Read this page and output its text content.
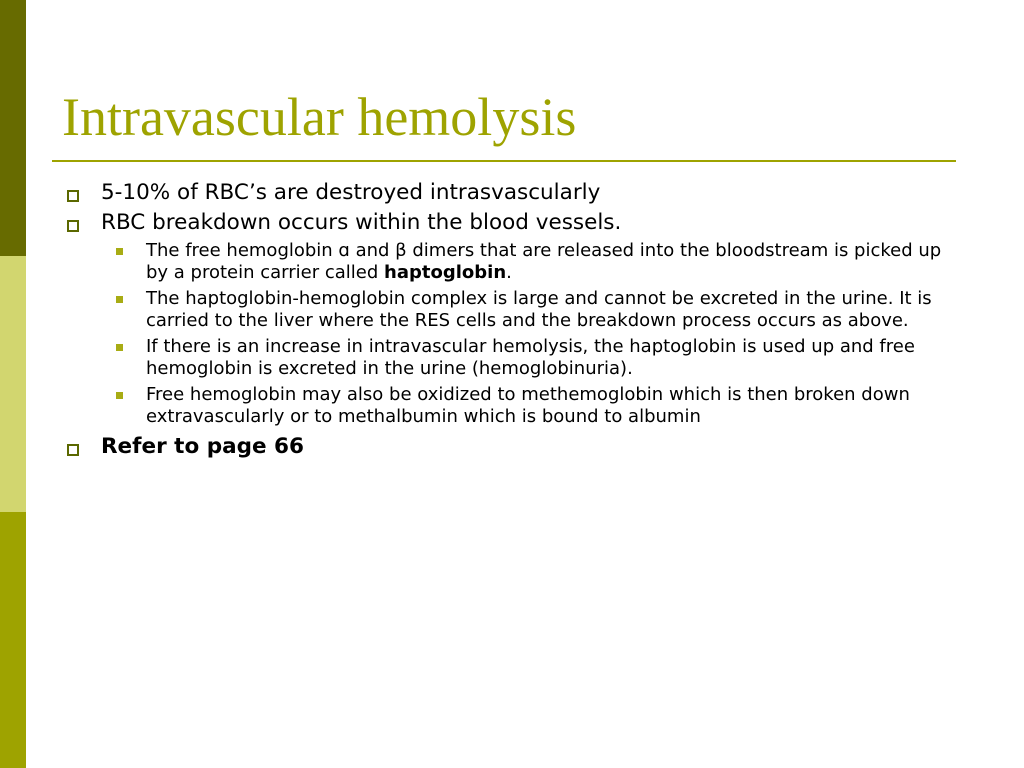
Intravascular hemolysis
5-10% of RBC’s are destroyed intrasvascularly
RBC breakdown occurs within the blood vessels.
The free hemoglobin ɑ and β dimers that are released into the bloodstream is picked up by a protein carrier called haptoglobin.
The haptoglobin-hemoglobin complex is large and cannot be excreted in the urine. It is carried to the liver where the RES cells and the breakdown process occurs as above.
If there is an increase in intravascular hemolysis, the haptoglobin is used up and free hemoglobin is excreted in the urine (hemoglobinuria).
Free hemoglobin may also be oxidized to methemoglobin which is then broken down extravascularly or to methalbumin which is bound to albumin
Refer to page 66
